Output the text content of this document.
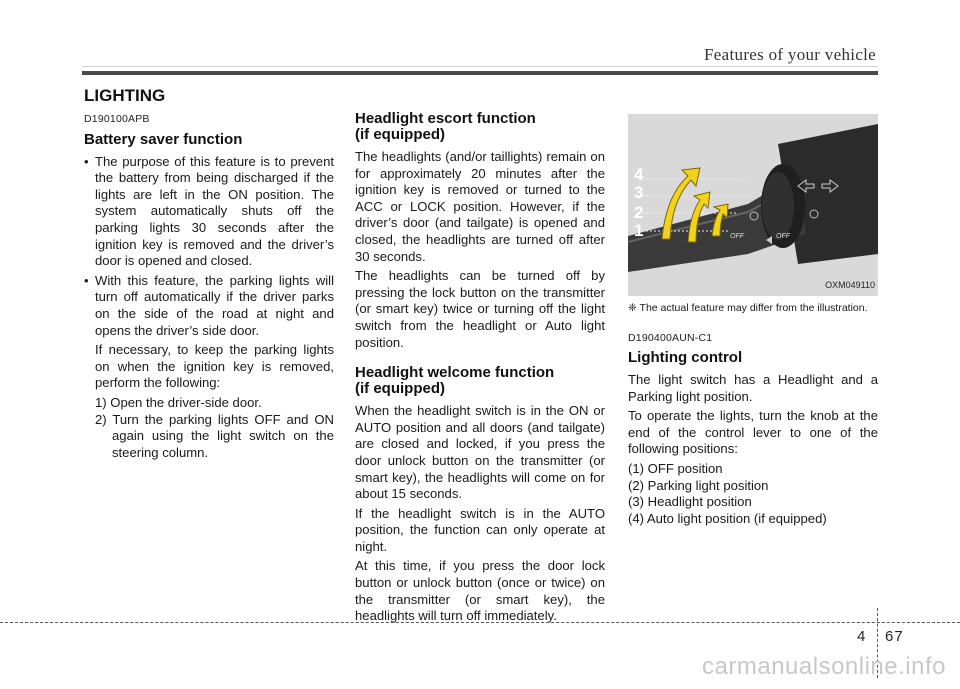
Features of your vehicle
LIGHTING
D190100APB
Battery saver function
• The purpose of this feature is to prevent the battery from being discharged if the lights are left in the ON position. The system automatically shuts off the parking lights 30 seconds after the ignition key is removed and the driver’s door is opened and closed.
• With this feature, the parking lights will turn off automatically if the driver parks on the side of the road at night and opens the driver’s side door.

If necessary, to keep the parking lights on when the ignition key is removed, perform the following:

1) Open the driver-side door.

2) Turn the parking lights OFF and ON again using the light switch on the steering column.

Headlight escort function
(if equipped)

The headlights (and/or taillights) remain on for approximately 20 minutes after the ignition key is removed or turned to the ACC or LOCK position. However, if the driver’s door (and tailgate) is opened and closed, the headlights are turned off after 30 seconds.

The headlights can be turned off by pressing the lock button on the transmitter (or smart key) twice or turning off the light switch from the headlight or Auto light position.

Headlight welcome function
(if equipped)

When the headlight switch is in the ON or AUTO position and all doors (and tailgate) are closed and locked, if you press the door unlock button on the transmitter (or smart key), the headlights will come on for about 15 seconds.

If the headlight switch is in the AUTO position, the function can only operate at night.

At this time, if you press the door lock button or unlock button (once or twice) on the transmitter (or smart key), the headlights will turn off immediately.

4
3
2
1
AUTO
OFF	OFF
OXM049110

❈ The actual feature may differ from the illustration.

D190400AUN-C1
Lighting control

The light switch has a Headlight and a Parking light position.

To operate the lights, turn the knob at the end of the control lever to one of the following positions:

(1) OFF position
(2) Parking light position
(3) Headlight position
(4) Auto light position (if equipped)
4 67
carmanualsonline.info
